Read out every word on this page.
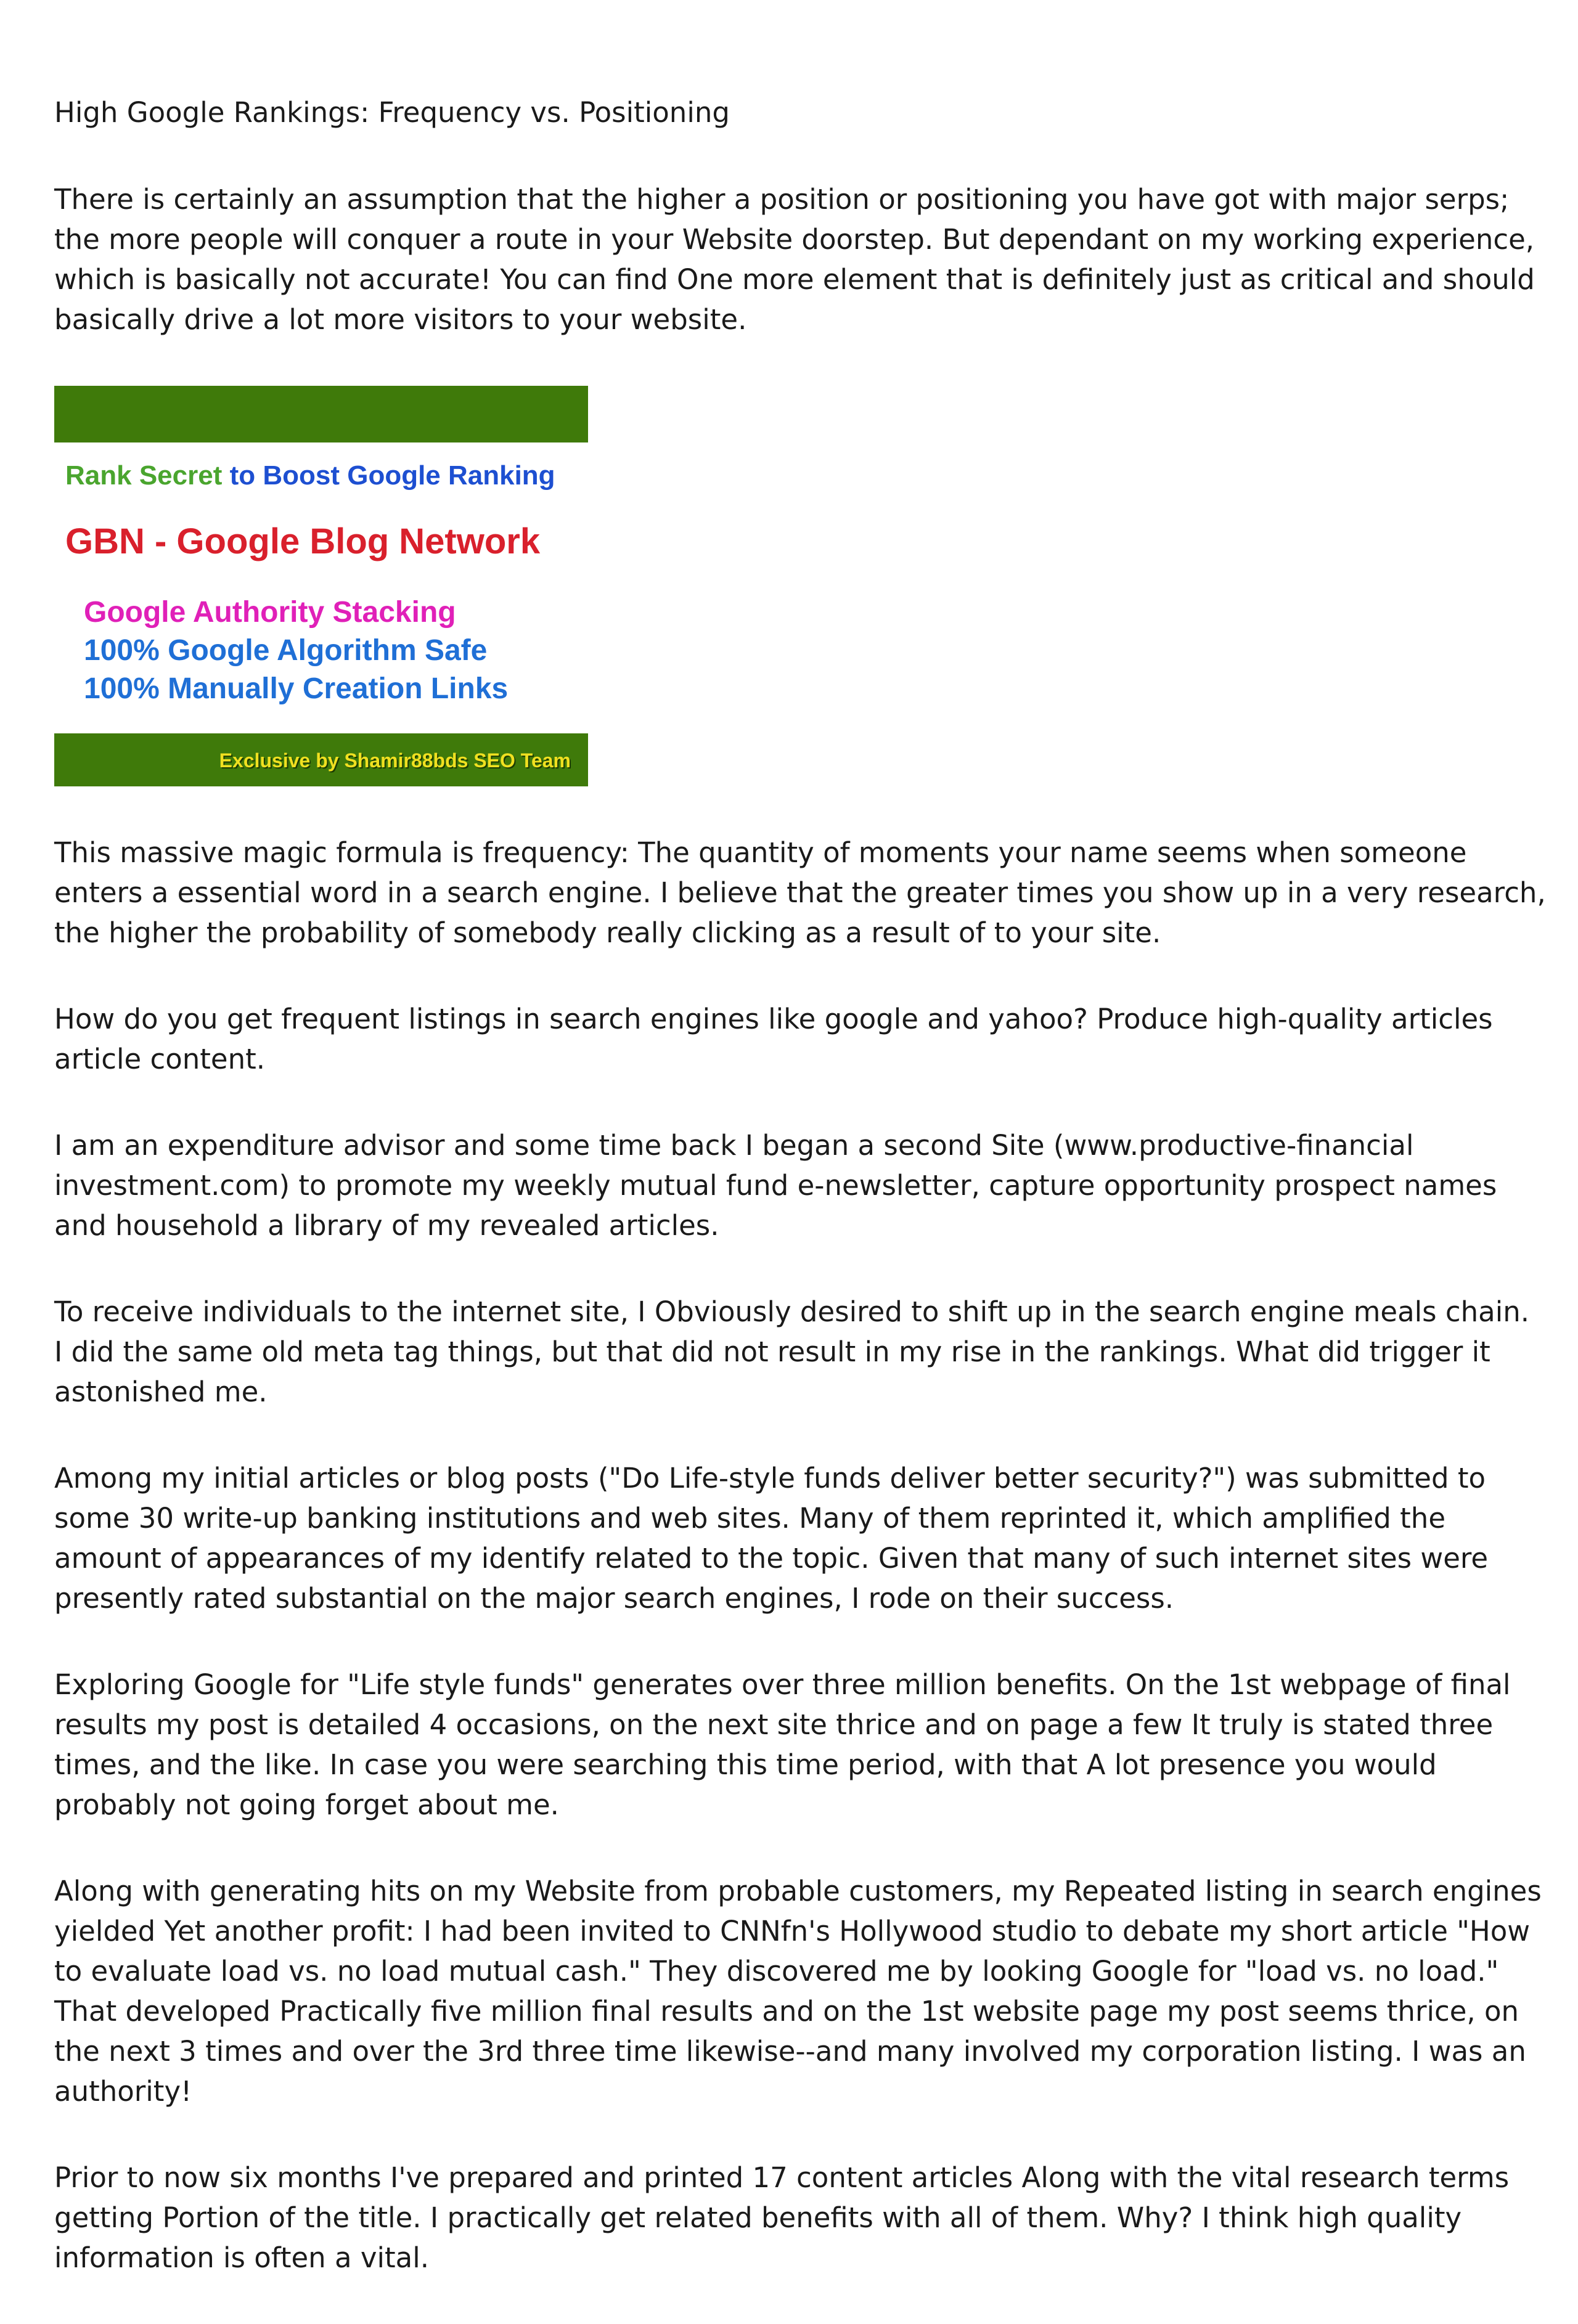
High Google Rankings: Frequency vs. Positioning

There is certainly an assumption that the higher a position or positioning you have got with major serps; the more people will conquer a route in your Website doorstep. But dependant on my working experience, which is basically not accurate! You can find One more element that is definitely just as critical and should basically drive a lot more visitors to your website.

Rank Secret to Boost Google Ranking
GBN - Google Blog Network
Google Authority Stacking
100% Google Algorithm Safe
100% Manually Creation Links
Exclusive by Shamir88bds SEO Team

This massive magic formula is frequency: The quantity of moments your name seems when someone enters a essential word in a search engine. I believe that the greater times you show up in a very research, the higher the probability of somebody really clicking as a result of to your site.

How do you get frequent listings in search engines like google and yahoo? Produce high-quality articles article content.

I am an expenditure advisor and some time back I began a second Site (www.productive-financial investment.com) to promote my weekly mutual fund e-newsletter, capture opportunity prospect names and household a library of my revealed articles.

To receive individuals to the internet site, I Obviously desired to shift up in the search engine meals chain. I did the same old meta tag things, but that did not result in my rise in the rankings. What did trigger it astonished me.

Among my initial articles or blog posts ("Do Life-style funds deliver better security?") was submitted to some 30 write-up banking institutions and web sites. Many of them reprinted it, which amplified the amount of appearances of my identify related to the topic. Given that many of such internet sites were presently rated substantial on the major search engines, I rode on their success.

Exploring Google for "Life style funds" generates over three million benefits. On the 1st webpage of final results my post is detailed 4 occasions, on the next site thrice and on page a few It truly is stated three times, and the like. In case you were searching this time period, with that A lot presence you would probably not going forget about me.

Along with generating hits on my Website from probable customers, my Repeated listing in search engines yielded Yet another profit: I had been invited to CNNfn's Hollywood studio to debate my short article "How to evaluate load vs. no load mutual cash." They discovered me by looking Google for "load vs. no load." That developed Practically five million final results and on the 1st website page my post seems thrice, on the next 3 times and over the 3rd three time likewise--and many involved my corporation listing. I was an authority!

Prior to now six months I've prepared and printed 17 content articles Along with the vital research terms getting Portion of the title. I practically get related benefits with all of them. Why? I think high quality information is often a vital.
